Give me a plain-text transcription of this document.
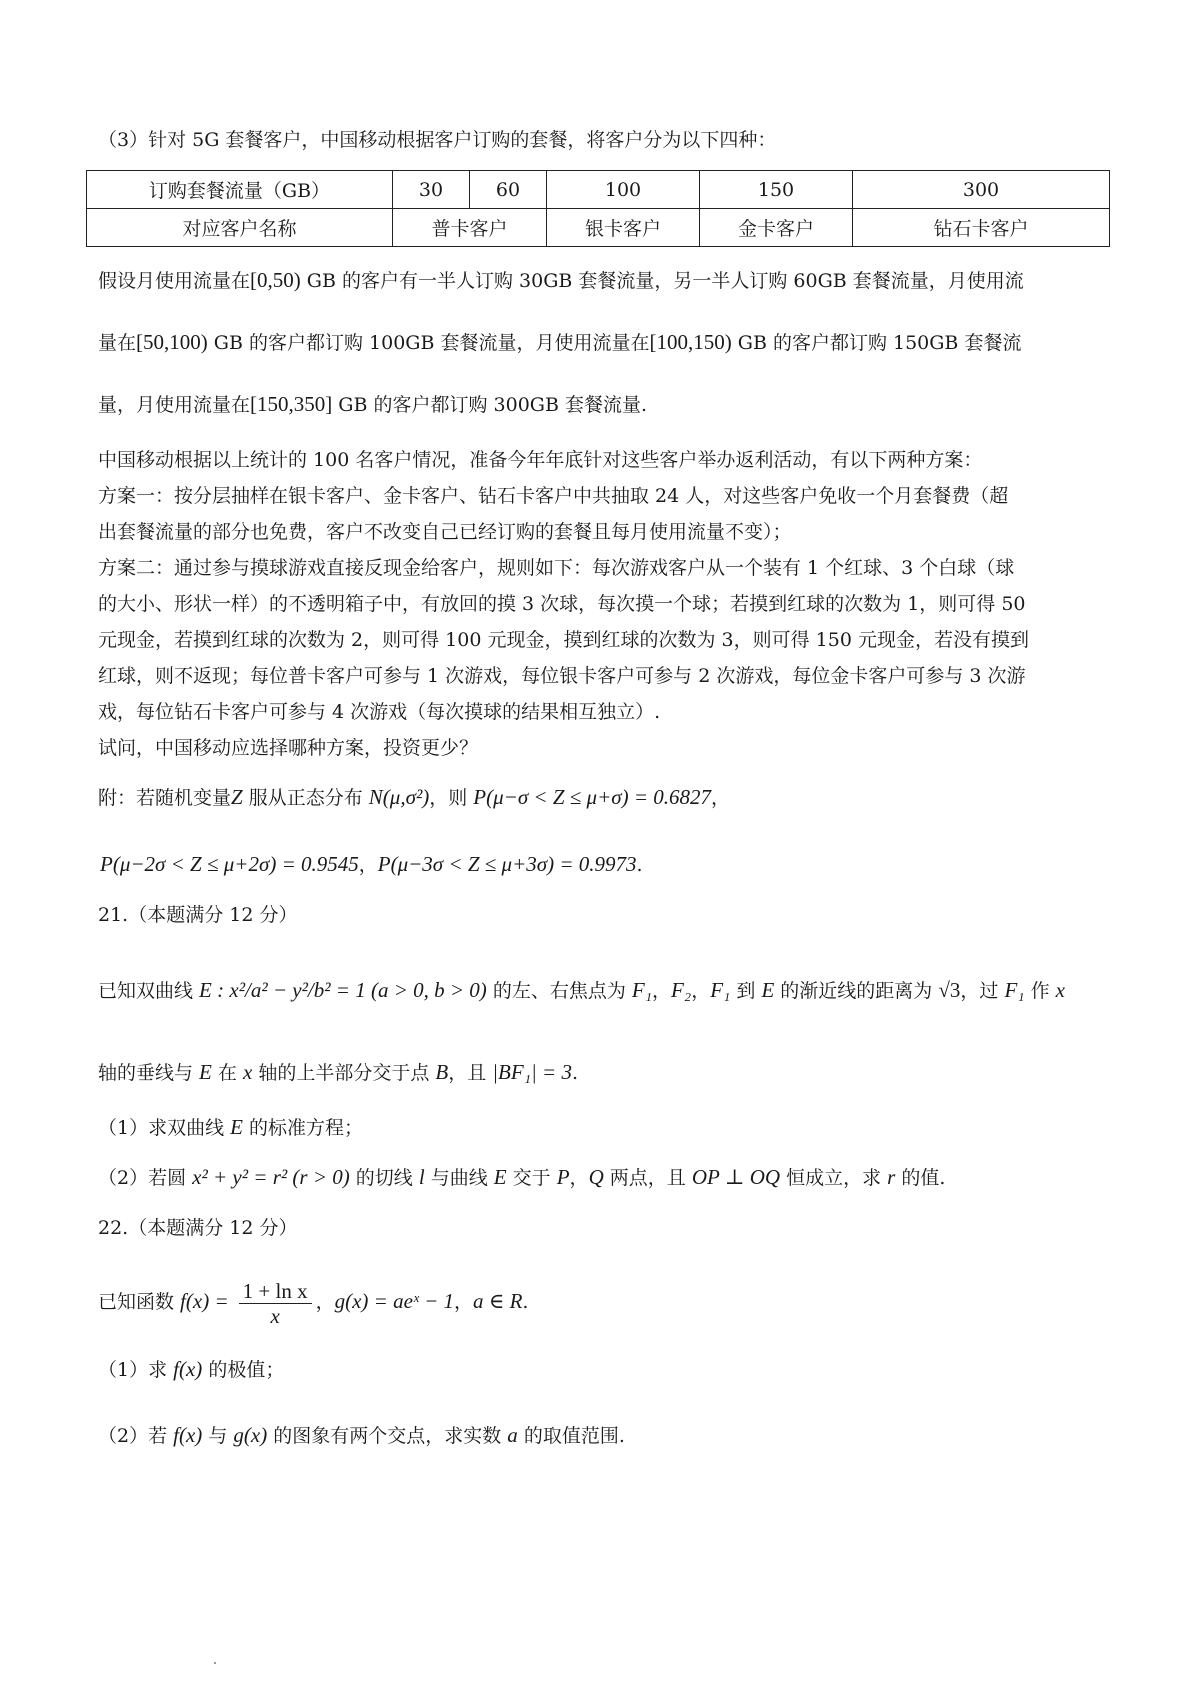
（3）针对 5G 套餐客户，中国移动根据客户订购的套餐，将客户分为以下四种：
订购套餐流量（GB）	30	60	100	150	300
对应客户名称	普卡客户		银卡客户	金卡客户	钻石卡客户
假设月使用流量在[0,50) GB 的客户有一半人订购 30GB 套餐流量，另一半人订购 60GB 套餐流量，月使用流
量在[50,100) GB 的客户都订购 100GB 套餐流量，月使用流量在[100,150) GB 的客户都订购 150GB 套餐流
量，月使用流量在[150,350] GB 的客户都订购 300GB 套餐流量.
中国移动根据以上统计的 100 名客户情况，准备今年年底针对这些客户举办返利活动，有以下两种方案：
方案一：按分层抽样在银卡客户、金卡客户、钻石卡客户中共抽取 24 人，对这些客户免收一个月套餐费（超
出套餐流量的部分也免费，客户不改变自己已经订购的套餐且每月使用流量不变）；
方案二：通过参与摸球游戏直接反现金给客户，规则如下：每次游戏客户从一个装有 1 个红球、3 个白球（球
的大小、形状一样）的不透明箱子中，有放回的摸 3 次球，每次摸一个球；若摸到红球的次数为 1，则可得 50
元现金，若摸到红球的次数为 2，则可得 100 元现金，摸到红球的次数为 3，则可得 150 元现金，若没有摸到
红球，则不返现；每位普卡客户可参与 1 次游戏，每位银卡客户可参与 2 次游戏，每位金卡客户可参与 3 次游
戏，每位钻石卡客户可参与 4 次游戏（每次摸球的结果相互独立）.
试问，中国移动应选择哪种方案，投资更少？
附：若随机变量Z 服从正态分布 N(μ,σ²)，则 P(μ−σ < Z ≤ μ+σ) = 0.6827，
P(μ−2σ < Z ≤ μ+2σ) = 0.9545，P(μ−3σ < Z ≤ μ+3σ) = 0.9973.
21.（本题满分 12 分）
已知双曲线 E : x²/a² − y²/b² = 1 (a > 0, b > 0) 的左、右焦点为 F₁，F₂，F₁ 到 E 的渐近线的距离为 √3，过 F₁ 作 x
轴的垂线与 E 在 x 轴的上半部分交于点 B，且 |BF₁| = 3.
（1）求双曲线 E 的标准方程；
（2）若圆 x² + y² = r² (r > 0) 的切线 l 与曲线 E 交于 P，Q 两点，且 OP ⊥ OQ 恒成立，求 r 的值.
22.（本题满分 12 分）
已知函数 $f(x) = \frac{\text{1 + ln x}}{x}$ ，g(x) = aeˣ − 1，a ∈ R.
（1）求 f(x) 的极值；
（2）若 f(x) 与 g(x) 的图象有两个交点，求实数 a 的取值范围.
